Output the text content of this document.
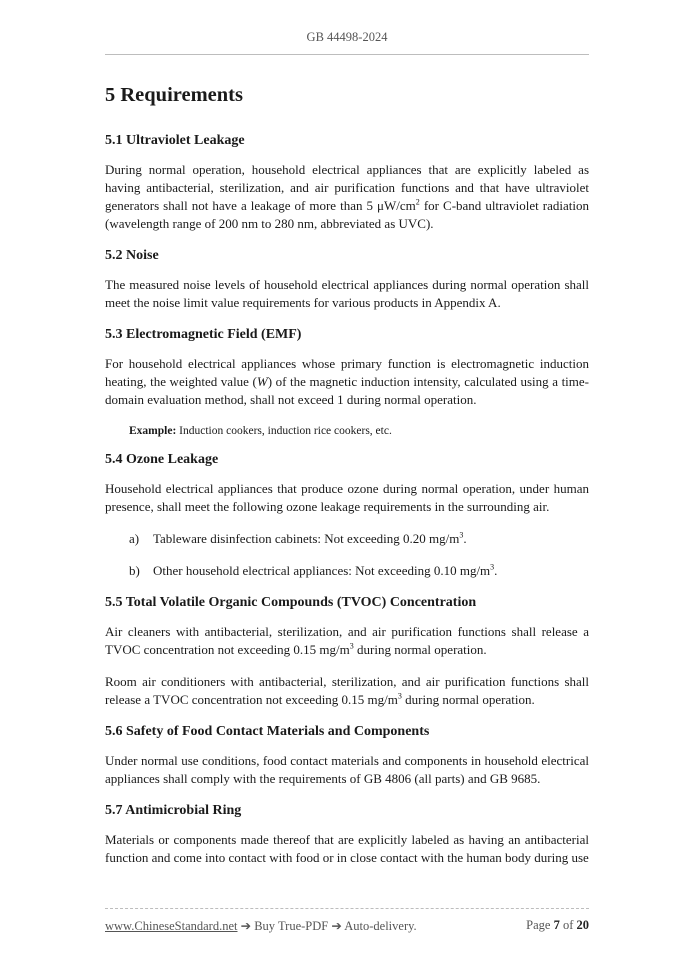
GB 44498-2024
5 Requirements
5.1 Ultraviolet Leakage

During normal operation, household electrical appliances that are explicitly labeled as having antibacterial, sterilization, and air purification functions and that have ultraviolet generators shall not have a leakage of more than 5 $\mu W/cm^2$ for C-band ultraviolet radiation (wavelength range of 200 nm to 280 nm, abbreviated as UVC).

5.2 Noise

The measured noise levels of household electrical appliances during normal operation shall meet the noise limit value requirements for various products in Appendix A.

5.3 Electromagnetic Field (EMF)

For household electrical appliances whose primary function is electromagnetic induction heating, the weighted value (W) of the magnetic induction intensity, calculated using a time-domain evaluation method, shall not exceed 1 during normal operation.

Example: Induction cookers, induction rice cookers, etc.
5.4 Ozone Leakage

Household electrical appliances that produce ozone during normal operation, under human presence, shall meet the following ozone leakage requirements in the surrounding air.

a)	Tableware disinfection cabinets: Not exceeding 0.20 $mg/m^3$.
b)	Other household electrical appliances: Not exceeding 0.10 $mg/m^3$.
5.5 Total Volatile Organic Compounds (TVOC) Concentration

Air cleaners with antibacterial, sterilization, and air purification functions shall release a TVOC concentration not exceeding 0.15 $mg/m^3$ during normal operation.

Room air conditioners with antibacterial, sterilization, and air purification functions shall release a TVOC concentration not exceeding 0.15 $mg/m^3$ during normal operation.

5.6 Safety of Food Contact Materials and Components

Under normal use conditions, food contact materials and components in household electrical appliances shall comply with the requirements of GB 4806 (all parts) and GB 9685.

5.7 Antimicrobial Ring

Materials or components made thereof that are explicitly labeled as having an antibacterial function and come into contact with food or in close contact with the human body during use

www.ChineseStandard.net ➔ Buy True-PDF ➔ Auto-delivery.	Page 7 of 20
